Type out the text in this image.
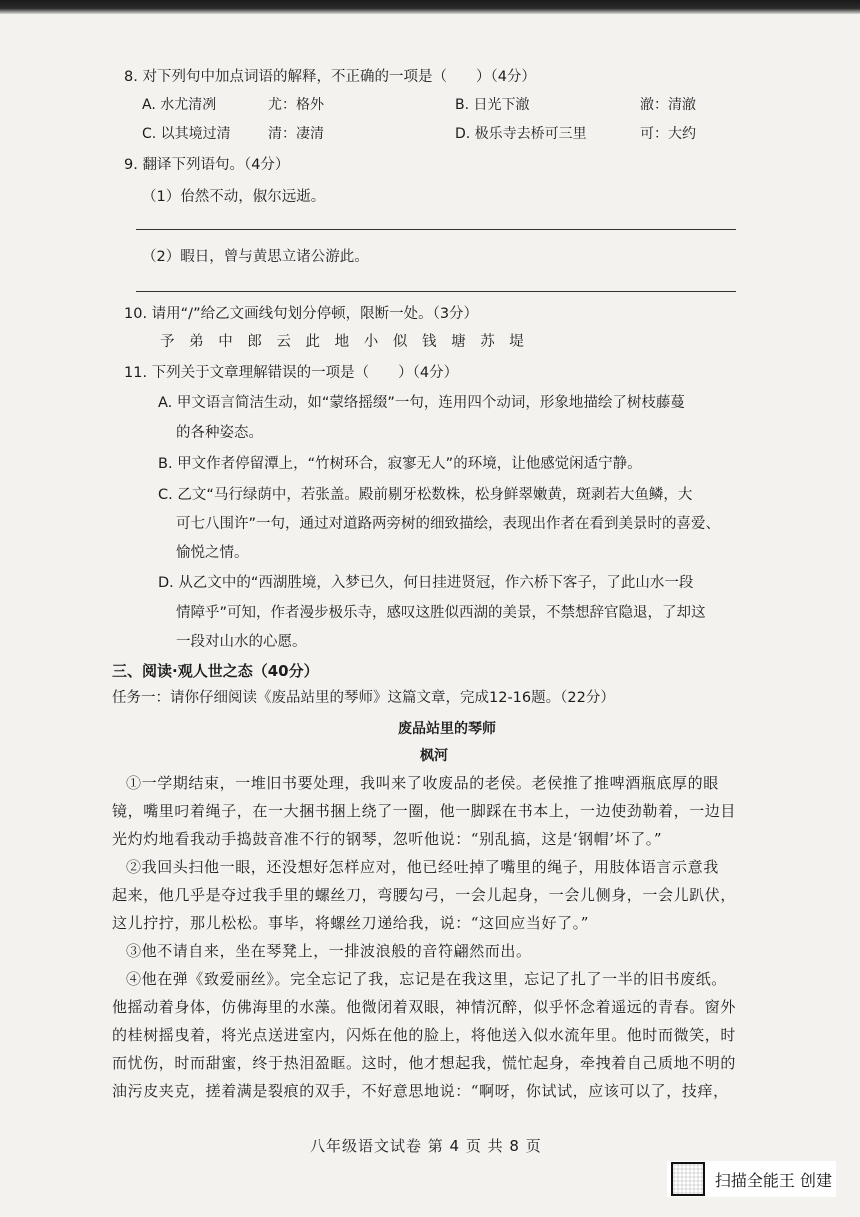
8. 对下列句中加点词语的解释，不正确的一项是（　　）（4分）
A. 水尤清冽	尤：格外	B. 日光下澈	澈：清澈
C. 以其境过清	清：凄清	D. 极乐寺去桥可三里	可：大约
9. 翻译下列语句。（4分）
（1）佁然不动，俶尔远逝。
（2）暇日，曾与黄思立诸公游此。
10. 请用“/”给乙文画线句划分停顿，限断一处。（3分）
予 弟 中 郎 云 此 地 小 似 钱 塘 苏 堤
11. 下列关于文章理解错误的一项是（　　）（4分）
A. 甲文语言简洁生动，如“蒙络摇缀”一句，连用四个动词，形象地描绘了树枝藤蔓
的各种姿态。
B. 甲文作者停留潭上，“竹树环合，寂寥无人”的环境，让他感觉闲适宁静。
C. 乙文“马行绿荫中，若张盖。殿前剔牙松数株，松身鲜翠嫩黄，斑剥若大鱼鳞，大
可七八围许”一句，通过对道路两旁树的细致描绘，表现出作者在看到美景时的喜爱、
愉悦之情。
D. 从乙文中的“西湖胜境，入梦已久，何日挂进贤冠，作六桥下客子，了此山水一段
情障乎”可知，作者漫步极乐寺，感叹这胜似西湖的美景，不禁想辞官隐退，了却这
一段对山水的心愿。
三、阅读·观人世之态（40分）
任务一：请你仔细阅读《废品站里的琴师》这篇文章，完成12-16题。（22分）
废品站里的琴师
枫河
①一学期结束，一堆旧书要处理，我叫来了收废品的老侯。老侯推了推啤酒瓶底厚的眼
镜，嘴里叼着绳子，在一大捆书捆上绕了一圈，他一脚踩在书本上，一边使劲勒着，一边目
光灼灼地看我动手捣鼓音准不行的钢琴，忽听他说：“别乱搞，这是‘钢帽’坏了。”
②我回头扫他一眼，还没想好怎样应对，他已经吐掉了嘴里的绳子，用肢体语言示意我
起来，他几乎是夺过我手里的螺丝刀，弯腰勾弓，一会儿起身，一会儿侧身，一会儿趴伏，
这儿拧拧，那儿松松。事毕，将螺丝刀递给我，说：“这回应当好了。”
③他不请自来，坐在琴凳上，一排波浪般的音符翩然而出。
④他在弹《致爱丽丝》。完全忘记了我，忘记是在我这里，忘记了扎了一半的旧书废纸。
他摇动着身体，仿佛海里的水藻。他微闭着双眼，神情沉醉，似乎怀念着遥远的青春。窗外
的桂树摇曳着，将光点送进室内，闪烁在他的脸上，将他送入似水流年里。他时而微笑，时
而忧伤，时而甜蜜，终于热泪盈眶。这时，他才想起我，慌忙起身，牵拽着自己质地不明的
油污皮夹克，搓着满是裂痕的双手，不好意思地说：“啊呀，你试试，应该可以了，技痒，
八年级语文试卷 第 4 页 共 8 页
扫描全能王 创建
